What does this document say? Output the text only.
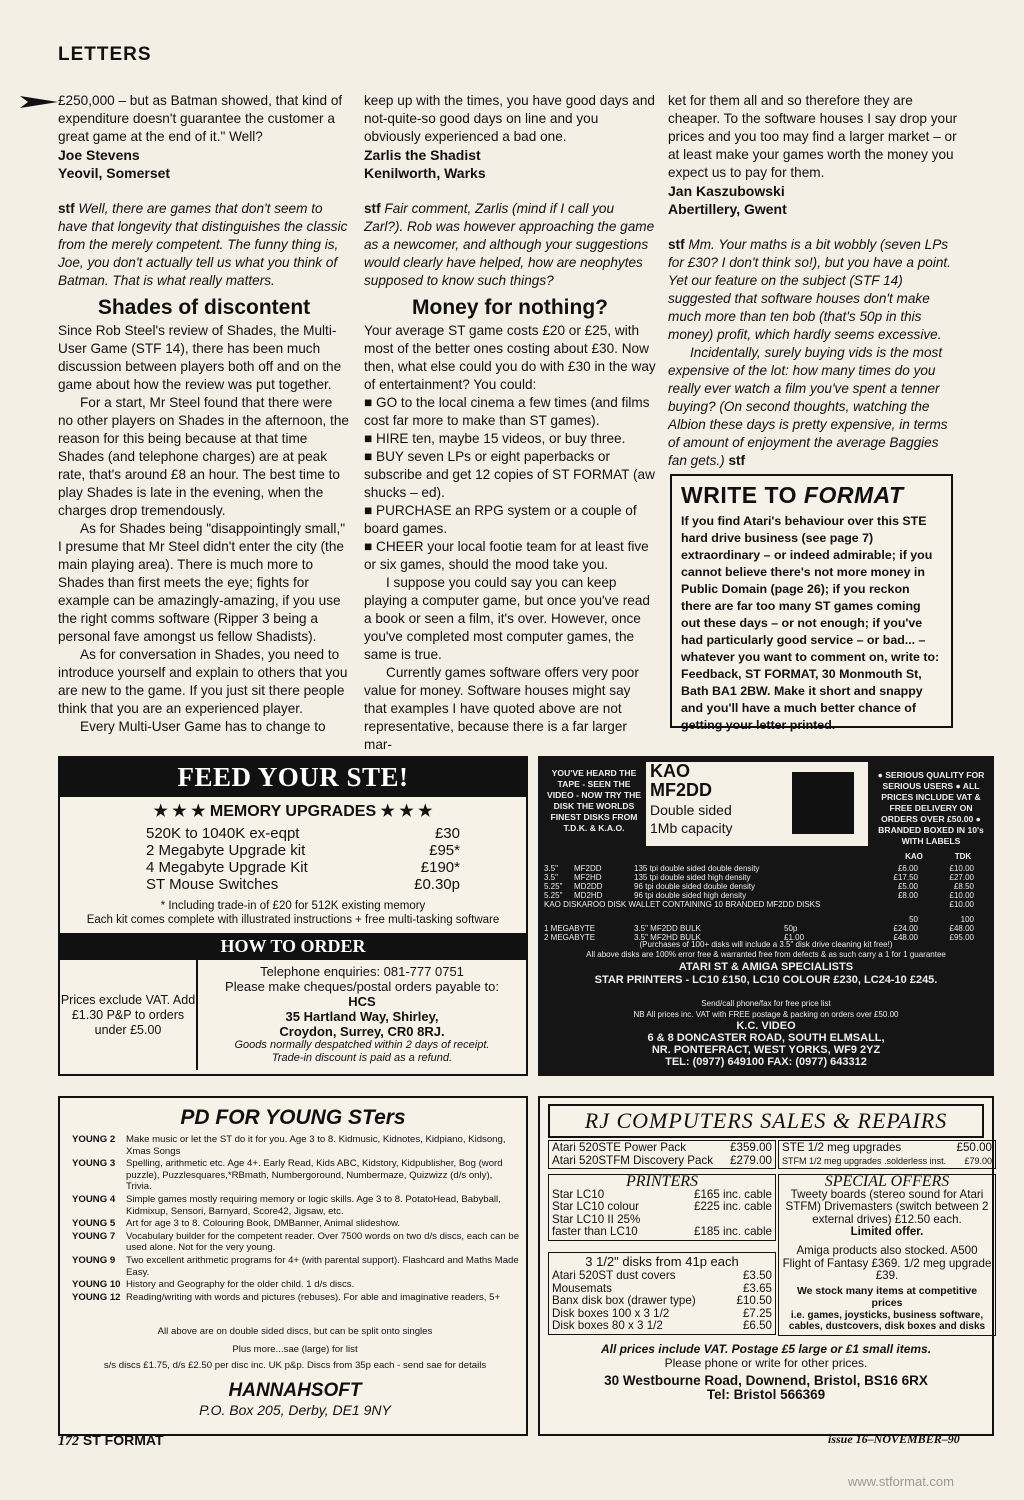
LETTERS

£250,000 – but as Batman showed, that kind of expenditure doesn't guarantee the customer a great game at the end of it." Well?

Joe Stevens
Yeovil, Somerset

stf Well, there are games that don't seem to have that longevity that distinguishes the classic from the merely competent. The funny thing is, Joe, you don't actually tell us what you think of Batman. That is what really matters.

Shades of discontent

Since Rob Steel's review of Shades, the Multi-User Game (STF 14), there has been much discussion between players both off and on the game about how the review was put together.

For a start, Mr Steel found that there were no other players on Shades in the afternoon, the reason for this being because at that time Shades (and telephone charges) are at peak rate, that's around £8 an hour. The best time to play Shades is late in the evening, when the charges drop tremendously.

As for Shades being "disappointingly small," I presume that Mr Steel didn't enter the city (the main playing area). There is much more to Shades than first meets the eye; fights for example can be amazingly-amazing, if you use the right comms software (Ripper 3 being a personal fave amongst us fellow Shadists).

As for conversation in Shades, you need to introduce yourself and explain to others that you are new to the game. If you just sit there people think that you are an experienced player.

Every Multi-User Game has to change to

keep up with the times, you have good days and not-quite-so good days on line and you obviously experienced a bad one.

Zarlis the Shadist
Kenilworth, Warks

stf Fair comment, Zarlis (mind if I call you Zarl?). Rob was however approaching the game as a newcomer, and although your suggestions would clearly have helped, how are neophytes supposed to know such things?

Money for nothing?

Your average ST game costs £20 or £25, with most of the better ones costing about £30. Now then, what else could you do with £30 in the way of entertainment? You could:

■ GO to the local cinema a few times (and films cost far more to make than ST games).

■ HIRE ten, maybe 15 videos, or buy three.

■ BUY seven LPs or eight paperbacks or subscribe and get 12 copies of ST FORMAT (aw shucks – ed).

■ PURCHASE an RPG system or a couple of board games.

■ CHEER your local footie team for at least five or six games, should the mood take you.

I suppose you could say you can keep playing a computer game, but once you've read a book or seen a film, it's over. However, once you've completed most computer games, the same is true.

Currently games software offers very poor value for money. Software houses might say that examples I have quoted above are not representative, because there is a far larger mar-

ket for them all and so therefore they are cheaper. To the software houses I say drop your prices and you too may find a larger market – or at least make your games worth the money you expect us to pay for them.

Jan Kaszubowski
Abertillery, Gwent

stf Mm. Your maths is a bit wobbly (seven LPs for £30? I don't think so!), but you have a point. Yet our feature on the subject (STF 14) suggested that software houses don't make much more than ten bob (that's 50p in this money) profit, which hardly seems excessive.

Incidentally, surely buying vids is the most expensive of the lot: how many times do you really ever watch a film you've spent a tenner buying? (On second thoughts, watching the Albion these days is pretty expensive, in terms of amount of enjoyment the average Baggies fan gets.) stf

WRITE TO FORMAT

If you find Atari's behaviour over this STE hard drive business (see page 7) extraordinary – or indeed admirable; if you cannot believe there's not more money in Public Domain (page 26); if you reckon there are far too many ST games coming out these days – or not enough; if you've had particularly good service – or bad... – whatever you want to comment on, write to: Feedback, ST FORMAT, 30 Monmouth St, Bath BA1 2BW. Make it short and snappy and you'll have a much better chance of getting your letter printed.

FEED YOUR STE!
★ ★ ★ MEMORY UPGRADES ★ ★ ★
520K to 1040K ex-eqpt	£30
2 Megabyte Upgrade kit	£95*
4 Megabyte Upgrade Kit	£190*
ST Mouse Switches	£0.30p
* Including trade-in of £20 for 512K existing memory
Each kit comes complete with illustrated instructions + free multi-tasking software
HOW TO ORDER
Prices exclude VAT. Add £1.30 P&P to orders under £5.00
Telephone enquiries: 081-777 0751
Please make cheques/postal orders payable to:
HCS
35 Hartland Way, Shirley,
Croydon, Surrey, CR0 8RJ.
Goods normally despatched within 2 days of receipt.
Trade-in discount is paid as a refund.
YOU'VE HEARD THE TAPE - SEEN THE VIDEO - NOW TRY THE DISK THE WORLDS FINEST DISKS FROM T.D.K. & K.A.O.
KAO
MF2DD
Double sided
1Mb capacity
● SERIOUS QUALITY FOR SERIOUS USERS ● ALL PRICES INCLUDE VAT & FREE DELIVERY ON ORDERS OVER £50.00 ● BRANDED BOXED IN 10's WITH LABELS
KAO	TDK
3.5"	MF2DD	135 tpi double sided double density	£6.00	£10.00
3.5"	MF2HD	135 tpi double sided high density	£17.50	£27.00
5.25"	MD2DD	96 tpi double sided double density	£5.00	£8.50
5.25"	MD2HD	96 tpi double sided high density	£8.00	£10.00
KAO DISKAROO DISK WALLET CONTAINING 10 BRANDED MF2DD DISKS	£10.00
50	100
1 MEGABYTE	3.5" MF2DD BULK	50p	£24.00	£48.00
2 MEGABYTE	3.5" MF2HD BULK	£1.00	£48.00	£95.00
(Purchases of 100+ disks will include a 3.5" disk drive cleaning kit free!)
All above disks are 100% error free & warranted free from defects & as such carry a 1 for 1 guarantee
ATARI ST & AMIGA SPECIALISTS
STAR PRINTERS - LC10 £150, LC10 COLOUR £230, LC24-10 £245.
Send/call phone/fax for free price list
NB All prices inc. VAT with FREE postage & packing on orders over £50.00
K.C. VIDEO
6 & 8 DONCASTER ROAD, SOUTH ELMSALL,
NR. PONTEFRACT, WEST YORKS, WF9 2YZ
TEL: (0977) 649100 FAX: (0977) 643312
PD FOR YOUNG STers
YOUNG 2	Make music or let the ST do it for you. Age 3 to 8. Kidmusic, Kidnotes, Kidpiano, Kidsong, Xmas Songs
YOUNG 3	Spelling, arithmetic etc. Age 4+. Early Read, Kids ABC, Kidstory, Kidpublisher, Bog (word puzzle), Puzzlesquares,*RBmath, Numbergoround, Numbermaze, Quizwizz (d/s only), Trivia.
YOUNG 4	Simple games mostly requiring memory or logic skills. Age 3 to 8. PotatoHead, Babyball, Kidmixup, Sensori, Barnyard, Score42, Jigsaw, etc.
YOUNG 5	Art for age 3 to 8. Colouring Book, DMBanner, Animal slideshow.
YOUNG 7	Vocabulary builder for the competent reader. Over 7500 words on two d/s discs, each can be used alone. Not for the very young.
YOUNG 9	Two excellent arithmetic programs for 4+ (with parental support). Flashcard and Maths Made Easy.
YOUNG 10 History and Geography for the older child. 1 d/s discs.
YOUNG 12 Reading/writing with words and pictures (rebuses). For able and imaginative readers, 5+
All above are on double sided discs, but can be split onto singles
Plus more...sae (large) for list
s/s discs £1.75, d/s £2.50 per disc inc. UK p&p. Discs from 35p each - send sae for details
HANNAHSOFT
P.O. Box 205, Derby, DE1 9NY
RJ COMPUTERS SALES & REPAIRS
Atari 520STE Power Pack	£359.00
Atari 520STFM Discovery Pack £279.00
STE 1/2 meg upgrades	£50.00
STFM 1/2 meg upgrades .solderless inst. £79.00
PRINTERS
Star LC10	£165 inc. cable
Star LC10 colour	£225 inc. cable
Star LC10 II 25%
faster than LC10	£185 inc. cable
3 1/2" disks from 41p each
Atari 520ST dust covers	£3.50
Mousemats	£3.65
Banx disk box (drawer type)	£10.50
Disk boxes 100 x 3 1/2	£7.25
Disk boxes 80 x 3 1/2	£6.50
SPECIAL OFFERS
Tweety boards (stereo sound for Atari STFM) Drivemasters (switch between 2 external drives) £12.50 each.
Limited offer.
Amiga products also stocked. A500 Flight of Fantasy £369. 1/2 meg upgrade £39.
We stock many items at competitive prices
i.e. games, joysticks, business software, cables, dustcovers, disk boxes and disks
All prices include VAT. Postage £5 large or £1 small items.
Please phone or write for other prices.
30 Westbourne Road, Downend, Bristol, BS16 6RX
Tel: Bristol 566369
172 ST FORMAT	issue 16–NOVEMBER–90
www.stformat.com
